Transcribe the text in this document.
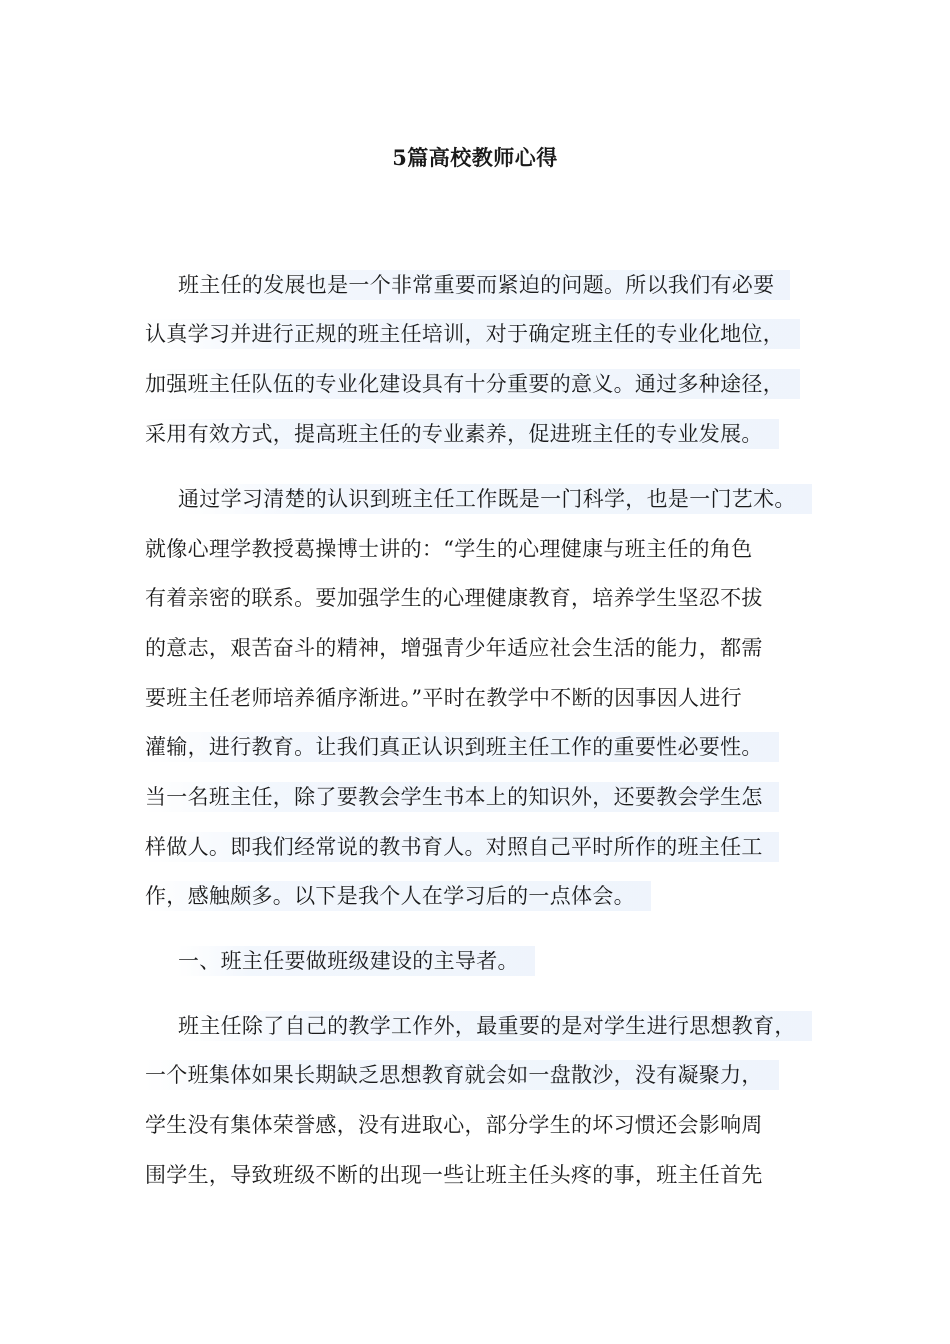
5篇高校教师心得
班主任的发展也是一个非常重要而紧迫的问题。所以我们有必要
认真学习并进行正规的班主任培训，对于确定班主任的专业化地位，
加强班主任队伍的专业化建设具有十分重要的意义。通过多种途径，
采用有效方式，提高班主任的专业素养，促进班主任的专业发展。
通过学习清楚的认识到班主任工作既是一门科学，也是一门艺术。
就像心理学教授葛操博士讲的：“学生的心理健康与班主任的角色
有着亲密的联系。要加强学生的心理健康教育，培养学生坚忍不拔
的意志，艰苦奋斗的精神，增强青少年适应社会生活的能力，都需
要班主任老师培养循序渐进。”平时在教学中不断的因事因人进行
灌输，进行教育。让我们真正认识到班主任工作的重要性必要性。
当一名班主任，除了要教会学生书本上的知识外，还要教会学生怎
样做人。即我们经常说的教书育人。对照自己平时所作的班主任工
作，感触颇多。以下是我个人在学习后的一点体会。
一、班主任要做班级建设的主导者。
班主任除了自己的教学工作外，最重要的是对学生进行思想教育，
一个班集体如果长期缺乏思想教育就会如一盘散沙，没有凝聚力，
学生没有集体荣誉感，没有进取心，部分学生的坏习惯还会影响周
围学生，导致班级不断的出现一些让班主任头疼的事，班主任首先
